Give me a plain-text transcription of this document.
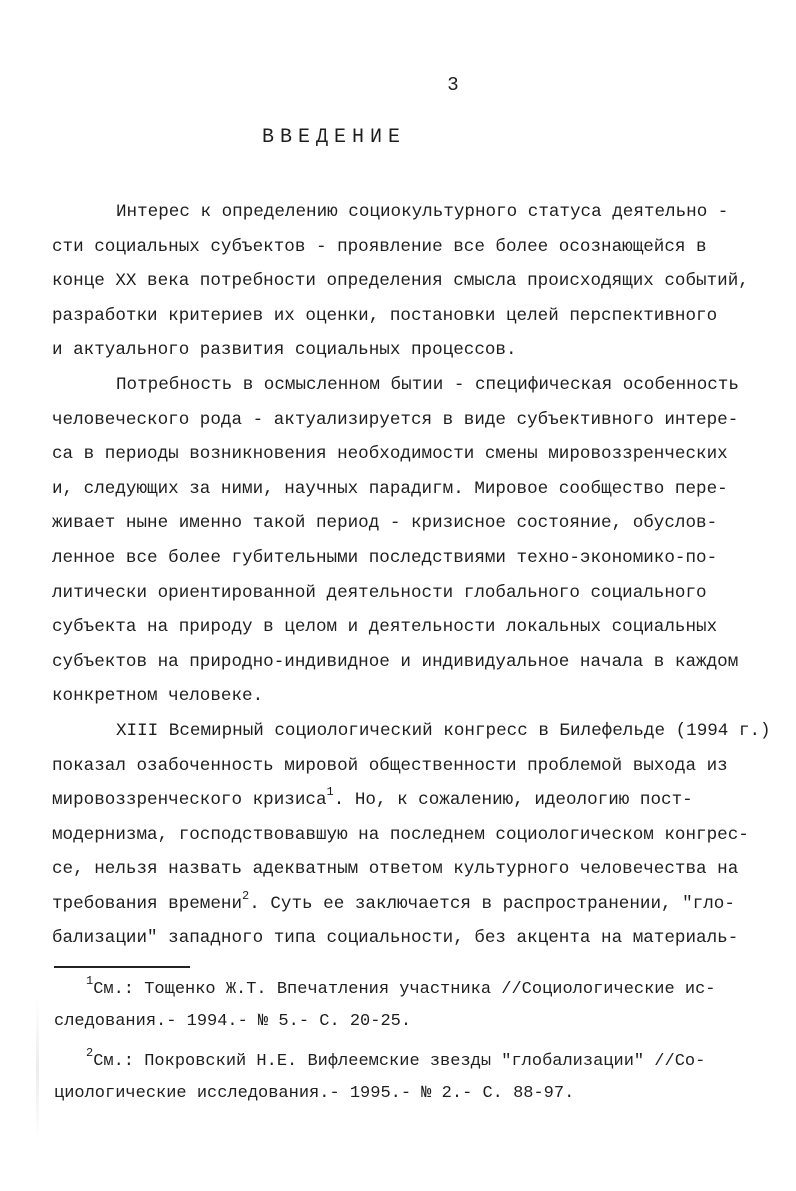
3
ВВЕДЕНИЕ
Интерес к определению социокультурного статуса деятельно -
сти социальных субъектов - проявление все более осознающейся в
конце XX века потребности определения смысла происходящих событий,
разработки критериев их оценки, постановки целей перспективного
и актуального развития социальных процессов.
Потребность в осмысленном бытии - специфическая особенность
человеческого рода - актуализируется в виде субъективного интере-
са в периоды возникновения необходимости смены мировоззренческих
и, следующих за ними, научных парадигм. Мировое сообщество пере-
живает ныне именно такой период - кризисное состояние, обуслов-
ленное все более губительными последствиями техно-экономико-по-
литически ориентированной деятельности глобального социального
субъекта на природу в целом и деятельности локальных социальных
субъектов на природно-индивидное и индивидуальное начала в каждом
конкретном человеке.
XIII Всемирный социологический конгресс в Билефельде (1994 г.)
показал озабоченность мировой общественности проблемой выхода из
мировоззренческого кризиса$^1$. Но, к сожалению, идеологию пост-
модернизма, господствовавшую на последнем социологическом конгрес-
се, нельзя назвать адекватным ответом культурного человечества на
требования времени$^2$. Суть ее заключается в распространении, "гло-
бализации" западного типа социальности, без акцента на материаль-
$^1$См.: Тощенко Ж.Т. Впечатления участника //Социологические ис-
следования.- 1994.- № 5.- С. 20-25.
$^2$См.: Покровский Н.Е. Вифлеемские звезды "глобализации" //Со-
циологические исследования.- 1995.- № 2.- С. 88-97.
